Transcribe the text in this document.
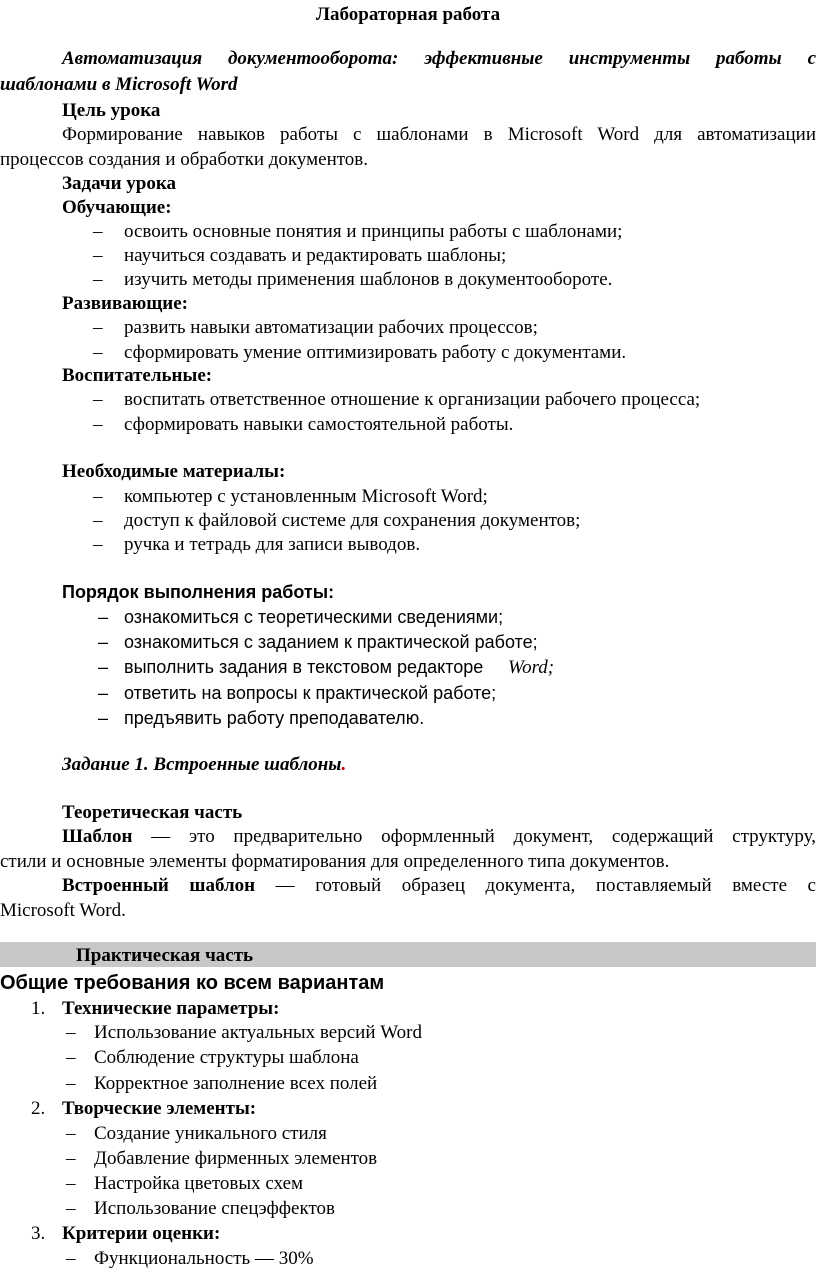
Лабораторная работа
Автоматизация документооборота: эффективные инструменты работы с
шаблонами в Microsoft Word
Цель урока
Формирование навыков работы с шаблонами в Microsoft Word для автоматизации
процессов создания и обработки документов.
Задачи урока
Обучающие:
–	освоить основные понятия и принципы работы с шаблонами;
–	научиться создавать и редактировать шаблоны;
–	изучить методы применения шаблонов в документообороте.
Развивающие:
–	развить навыки автоматизации рабочих процессов;
–	сформировать умение оптимизировать работу с документами.
Воспитательные:
–	воспитать ответственное отношение к организации рабочего процесса;
–	сформировать навыки самостоятельной работы.
Необходимые материалы:
–	компьютер с установленным Microsoft Word;
–	доступ к файловой системе для сохранения документов;
–	ручка и тетрадь для записи выводов.
Порядок выполнения работы:
– ознакомиться с теоретическими сведениями;
– ознакомиться с заданием к практической работе;
– выполнить задания в текстовом редакторе Word;
– ответить на вопросы к практической работе;
– предъявить работу преподавателю.
Задание 1. Встроенные шаблоны.
Теоретическая часть
Шаблон — это предварительно оформленный документ, содержащий структуру,
стили и основные элементы форматирования для определенного типа документов.
Встроенный шаблон — готовый образец документа, поставляемый вместе с
Microsoft Word.
Практическая часть
Общие требования ко всем вариантам
1. Технические параметры:
– Использование актуальных версий Word
– Соблюдение структуры шаблона
– Корректное заполнение всех полей
2. Творческие элементы:
– Создание уникального стиля
– Добавление фирменных элементов
– Настройка цветовых схем
– Использование спецэффектов
3. Критерии оценки:
– Функциональность — 30%
